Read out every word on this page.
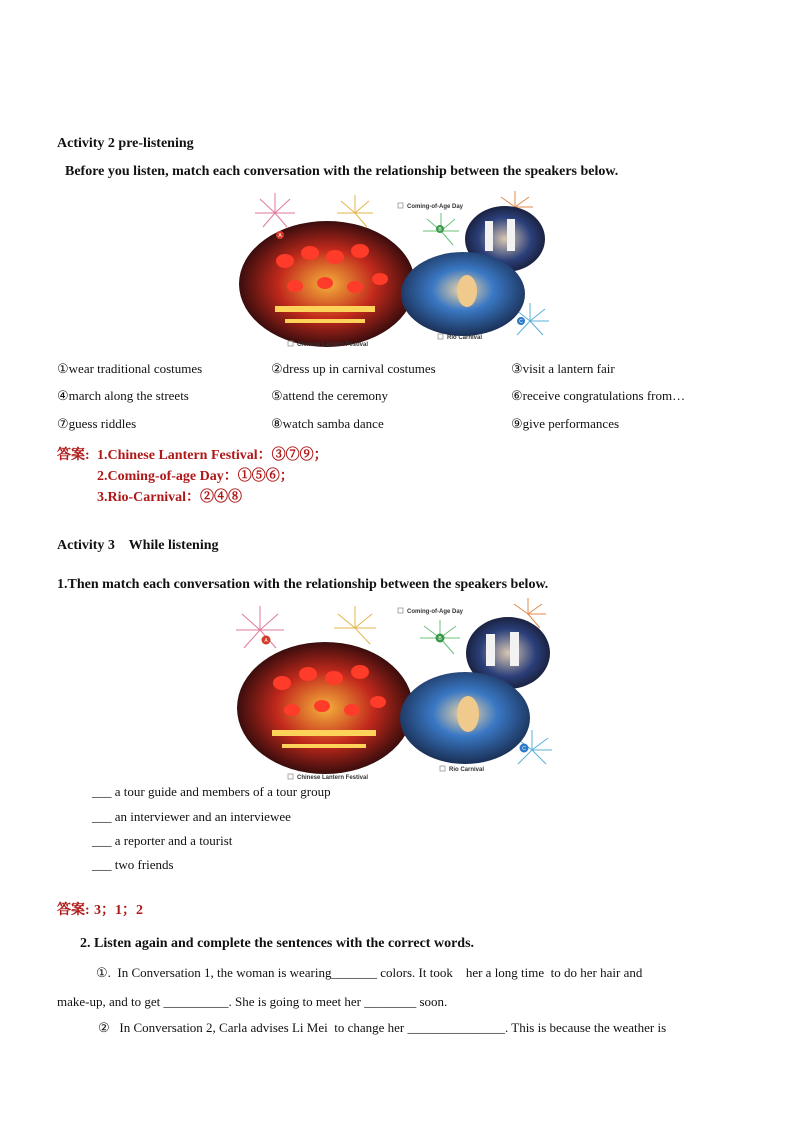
Activity 2 pre-listening
Before you listen, match each conversation with the relationship between the speakers below.
A
B
C
Coming-of-Age Day
Chinese Lantern Festival
Rio Carnival
①wear traditional costumes	②dress up in carnival costumes	③visit a lantern fair
④march along the streets	⑤attend the ceremony	⑥receive congratulations from…
⑦guess riddles	⑧watch samba dance	⑨give performances
答案: 1.Chinese Lantern Festival：③⑦⑨；
2.Coming-of-age Day：①⑤⑥；
3.Rio-Carnival：②④⑧
Activity 3    While listening
1.Then match each conversation with the relationship between the speakers below.
A	B
C
Coming-of-Age Day
Chinese Lantern Festival
Rio Carnival
___ a tour guide and members of a tour group
___ an interviewer and an interviewee
___ a reporter and a tourist
___ two friends
答案: 3；1；2
2. Listen again and complete the sentences with the correct words.
①.  In Conversation 1, the woman is wearing_______ colors. It took    her a long time  to do her hair and
make-up, and to get __________. She is going to meet her ________ soon.
②   In Conversation 2, Carla advises Li Mei  to change her _______________. This is because the weather is
